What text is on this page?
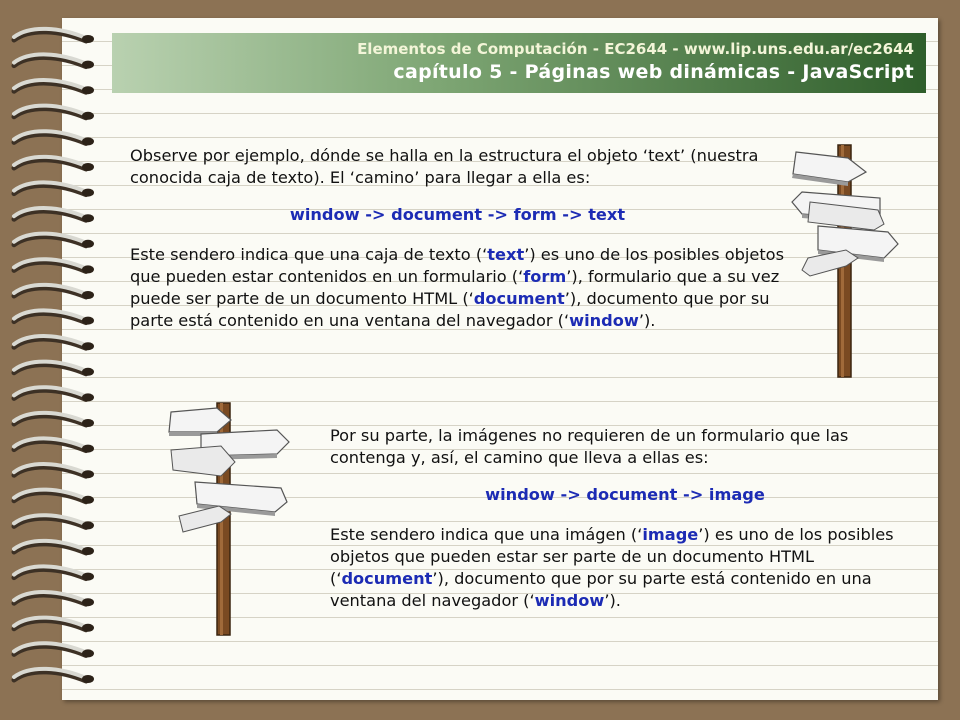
Elementos de Computación - EC2644 - www.lip.uns.edu.ar/ec2644
capítulo 5 - Páginas web dinámicas - JavaScript

Observe por ejemplo, dónde se halla en la estructura el objeto ‘text’ (nuestra conocida caja de texto). El ‘camino’ para llegar a ella es:

window -> document -> form -> text

Este sendero indica que una caja de texto (‘text’) es uno de los posibles objetos que pueden estar contenidos en un formulario (‘form’), formulario que a su vez puede ser parte de un documento HTML (‘document’), documento que por su parte está contenido en una ventana del navegador (‘window’).

Por su parte, la imágenes no requieren de un formulario que las contenga y, así, el camino que lleva a ellas es:

window -> document -> image

Este sendero indica que una imágen (‘image’) es uno de los posibles objetos que pueden estar ser parte de un documento HTML (‘document’), documento que por su parte está contenido en una ventana del navegador (‘window’).
